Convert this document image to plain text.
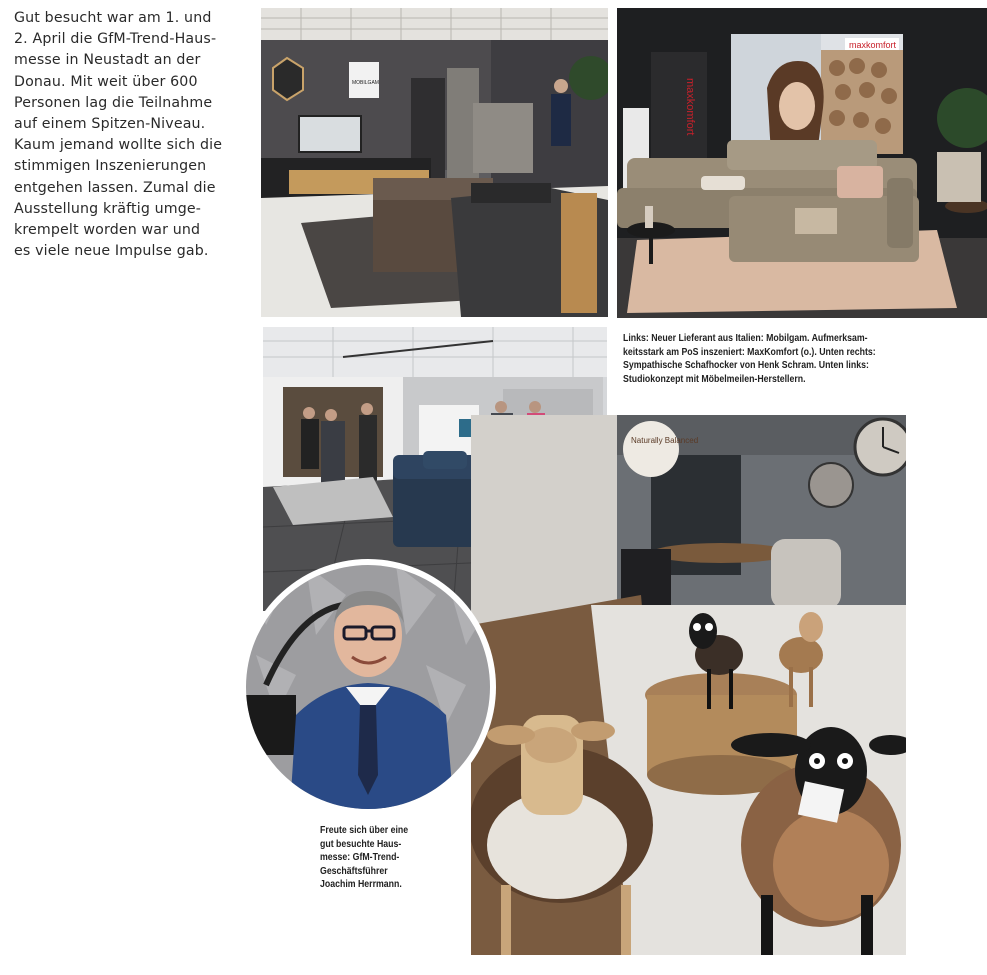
Gut besucht war am 1. und
2. April die GfM-Trend-Haus-
messe in Neustadt an der
Donau. Mit weit über 600
Personen lag die Teilnahme
auf einem Spitzen-Niveau.
Kaum jemand wollte sich die
stimmigen Inszenierungen
entgehen lassen. Zumal die
Ausstellung kräftig umge-
krempelt worden war und
es viele neue Impulse gab.
MOBILGAM	maxkomfort
maxkomfort
Naturally Balanced
Links: Neuer Lieferant aus Italien: Mobilgam. Aufmerksam-
keitsstark am PoS inszeniert: MaxKomfort (o.). Unten rechts:
Sympathische Schafhocker von Henk Schram. Unten links:
Studiokonzept mit Möbelmeilen-Herstellern.
Freute sich über eine
gut besuchte Haus-
messe: GfM-Trend-
Geschäftsführer
Joachim Herrmann.
